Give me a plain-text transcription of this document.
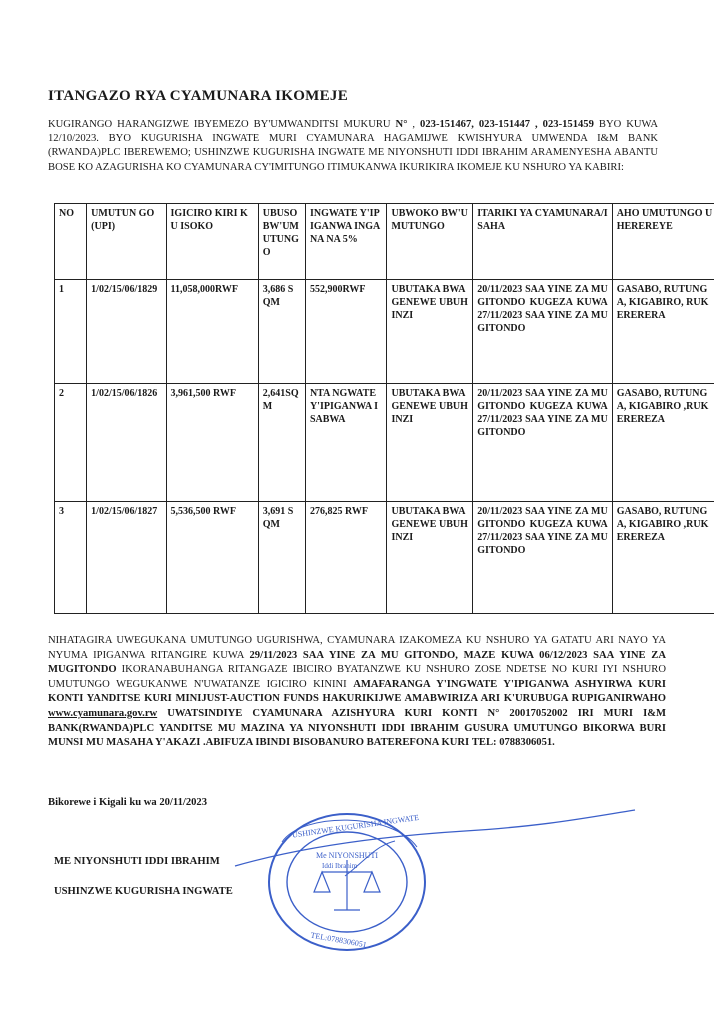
ITANGAZO RYA CYAMUNARA IKOMEJE
KUGIRANGO HARANGIZWE IBYEMEZO BY'UMWANDITSI MUKURU N° , 023-151467, 023-151447 , 023-151459 BYO KUWA 12/10/2023. BYO KUGURISHA INGWATE MURI CYAMUNARA HAGAMIJWE KWISHYURA UMWENDA I&M BANK (RWANDA)PLC IBEREWEMO; USHINZWE KUGURISHA INGWATE ME NIYONSHUTI IDDI IBRAHIM ARAMENYESHA ABANTU BOSE KO AZAGURISHA KO CYAMUNARA CY'IMITUNGO ITIMUKANWA IKURIKIRA IKOMEJE KU NSHURO YA KABIRI:
NO	UMUTUN GO(UPI)	IGICIRO KIRI KU ISOKO	UBUSO BW'UMUTUNGO	INGWATE Y'IPIGANWA INGANA NA 5%	UBWOKO BW'UMUTUNGO	ITARIKI YA CYAMUNARA/ISAHA	AHO UMUTUNGO UHEREREYE
1	1/02/15/06/1829	11,058,000RWF	3,686 SQM	552,900RWF	UBUTAKA BWAGENEWE UBUHINZI	20/11/2023 SAA YINE ZA MUGITONDO KUGEZA KUWA 27/11/2023 SAA YINE ZA MU GITONDO	GASABO, RUTUNGA, KIGABIRO, RUKERERERA
2	1/02/15/06/1826	3,961,500 RWF	2,641SQM	NTA NGWATE Y'IPIGANWA ISABWA	UBUTAKA BWAGENEWE UBUHINZI	20/11/2023 SAA YINE ZA MUGITONDO KUGEZA KUWA 27/11/2023 SAA YINE ZA MU GITONDO	GASABO, RUTUNGA, KIGABIRO ,RUKEREREZA
3	1/02/15/06/1827	5,536,500 RWF	3,691 SQM	276,825 RWF	UBUTAKA BWAGENEWE UBUHINZI	20/11/2023 SAA YINE ZA MUGITONDO KUGEZA KUWA 27/11/2023 SAA YINE ZA MU GITONDO	GASABO, RUTUNGA, KIGABIRO ,RUKEREREZA
NIHATAGIRA UWEGUKANA UMUTUNGO UGURISHWA, CYAMUNARA IZAKOMEZA KU NSHURO YA GATATU ARI NAYO YA NYUMA IPIGANWA RITANGIRE KUWA 29/11/2023 SAA YINE ZA MU GITONDO, MAZE KUWA 06/12/2023 SAA YINE ZA MUGITONDO IKORANABUHANGA RITANGAZE IBICIRO BYATANZWE KU NSHURO ZOSE NDETSE NO KURI IYI NSHURO UMUTUNGO WEGUKANWE N'UWATANZE IGICIRO KININI AMAFARANGA Y'INGWATE Y'IPIGANWA ASHYIRWA KURI KONTI YANDITSE KURI MINIJUST-AUCTION FUNDS HAKURIKIJWE AMABWIRIZA ARI K'URUBUGA RUPIGANIRWAHO www.cyamunara.gov.rw UWATSINDIYE CYAMUNARA AZISHYURA KURI KONTI N° 20017052002 IRI MURI I&M BANK(RWANDA)PLC YANDITSE MU MAZINA YA NIYONSHUTI IDDI IBRAHIM GUSURA UMUTUNGO BIKORWA BURI MUNSI MU MASAHA Y'AKAZI .ABIFUZA IBINDI BISOBANURO BATEREFONA KURI TEL: 0788306051.
Bikorewe i Kigali ku wa 20/11/2023
Me NIYONSHUTI
Iddi Ibrahim
USHINZWE KUGURISHA INGWATE
TEL:0788306051
ME NIYONSHUTI IDDI IBRAHIM
USHINZWE KUGURISHA INGWATE
